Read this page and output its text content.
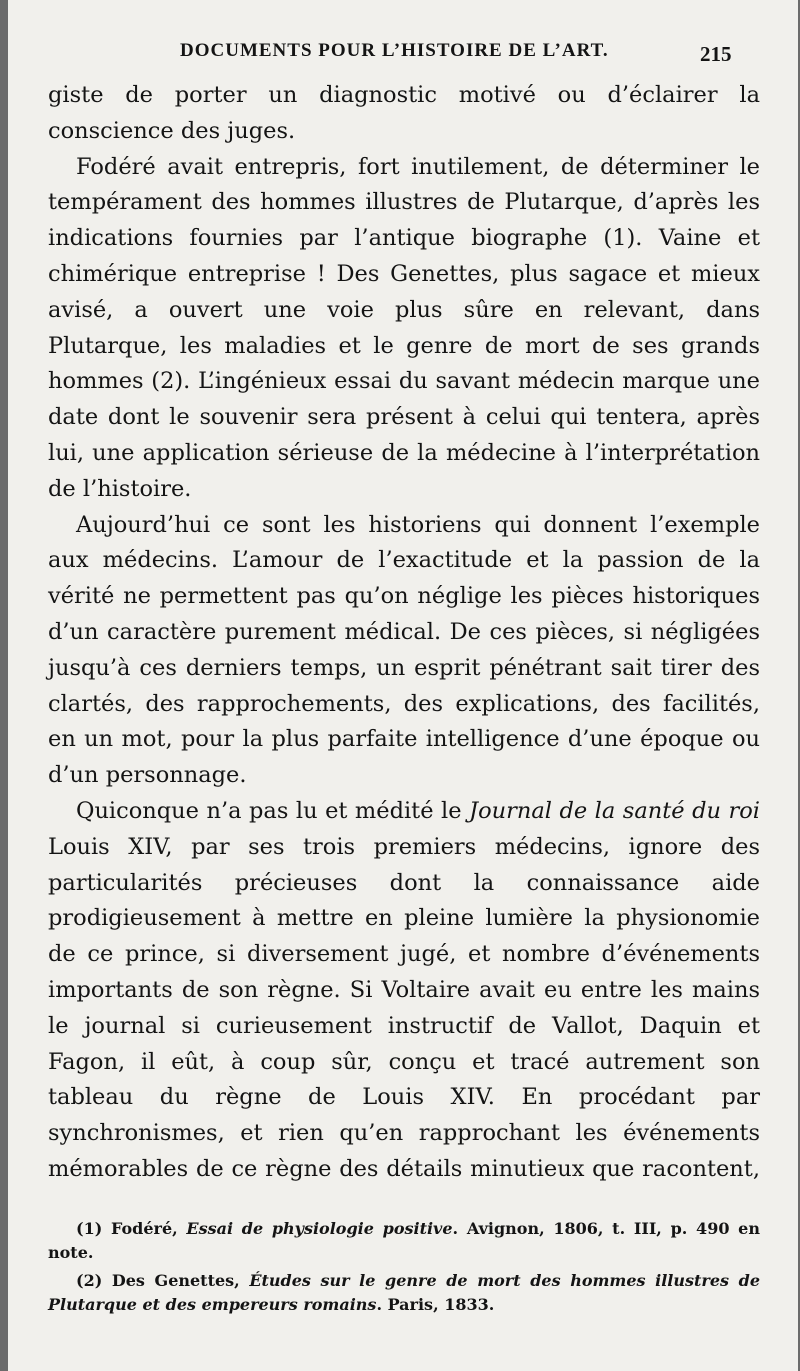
DOCUMENTS POUR L’HISTOIRE DE L’ART.	215

giste de porter un diagnostic motivé ou d’éclairer la conscience des juges.

Fodéré avait entrepris, fort inutilement, de déterminer le tempérament des hommes illustres de Plutarque, d’après les indications fournies par l’antique biographe (1). Vaine et chimérique entreprise ! Des Genettes, plus sagace et mieux avisé, a ouvert une voie plus sûre en relevant, dans Plutarque, les maladies et le genre de mort de ses grands hommes (2). L’ingénieux essai du savant médecin marque une date dont le souvenir sera présent à celui qui tentera, après lui, une application sérieuse de la médecine à l’interprétation de l’histoire.

Aujourd’hui ce sont les historiens qui donnent l’exemple aux médecins. L’amour de l’exactitude et la passion de la vérité ne permettent pas qu’on néglige les pièces historiques d’un caractère purement médical. De ces pièces, si négligées jusqu’à ces derniers temps, un esprit pénétrant sait tirer des clartés, des rapprochements, des explications, des facilités, en un mot, pour la plus parfaite intelligence d’une époque ou d’un personnage.

Quiconque n’a pas lu et médité le Journal de la santé du roi Louis XIV, par ses trois premiers médecins, ignore des particularités précieuses dont la connaissance aide prodigieusement à mettre en pleine lumière la physionomie de ce prince, si diversement jugé, et nombre d’événements importants de son règne. Si Voltaire avait eu entre les mains le journal si curieusement instructif de Vallot, Daquin et Fagon, il eût, à coup sûr, conçu et tracé autrement son tableau du règne de Louis XIV. En procédant par synchronismes, et rien qu’en rapprochant les événements mémorables de ce règne des détails minutieux que racontent,

(1) Fodéré, Essai de physiologie positive. Avignon, 1806, t. III, p. 490 en note.

(2) Des Genettes, Études sur le genre de mort des hommes illustres de Plutarque et des empereurs romains. Paris, 1833.
